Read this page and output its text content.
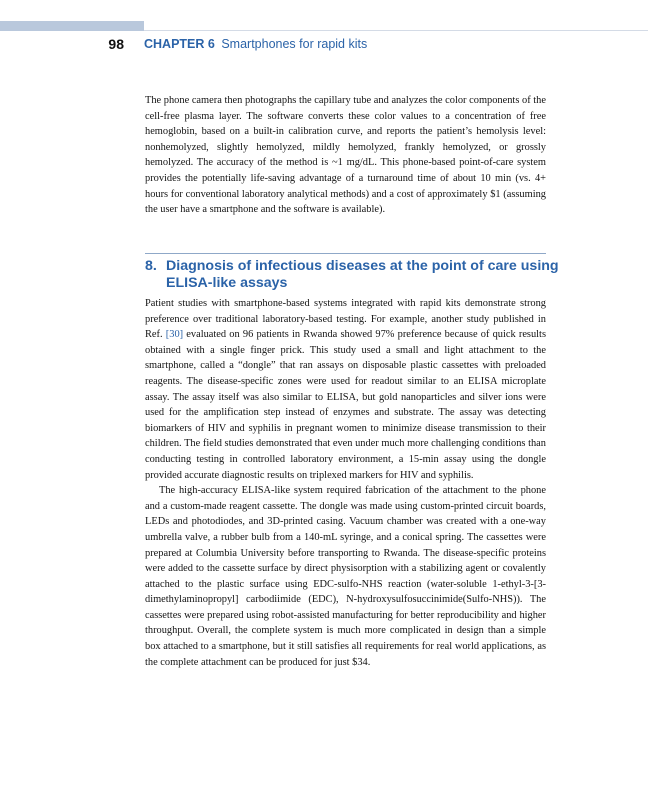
98 CHAPTER 6 Smartphones for rapid kits

The phone camera then photographs the capillary tube and analyzes the color components of the cell-free plasma layer. The software converts these color values to a concentration of free hemoglobin, based on a built-in calibration curve, and reports the patient’s hemolysis level: nonhemolyzed, slightly hemolyzed, mildly hemolyzed, frankly hemolyzed, or grossly hemolyzed. The accuracy of the method is ~1 mg/dL. This phone-based point-of-care system provides the potentially life-saving advantage of a turnaround time of about 10 min (vs. 4+ hours for conventional laboratory analytical methods) and a cost of approximately $1 (assuming the user have a smartphone and the software is available).

8. Diagnosis of infectious diseases at the point of care using ELISA-like assays

Patient studies with smartphone-based systems integrated with rapid kits demonstrate strong preference over traditional laboratory-based testing. For example, another study published in Ref. [30] evaluated on 96 patients in Rwanda showed 97% preference because of quick results obtained with a single finger prick. This study used a small and light attachment to the smartphone, called a “dongle” that ran assays on disposable plastic cassettes with preloaded reagents. The disease-specific zones were used for readout similar to an ELISA microplate assay. The assay itself was also similar to ELISA, but gold nanoparticles and silver ions were used for the amplification step instead of enzymes and substrate. The assay was detecting biomarkers of HIV and syphilis in pregnant women to minimize disease transmission to their children. The field studies demonstrated that even under much more challenging conditions than conducting testing in controlled laboratory environment, a 15-min assay using the dongle provided accurate diagnostic results on triplexed markers for HIV and syphilis.

The high-accuracy ELISA-like system required fabrication of the attachment to the phone and a custom-made reagent cassette. The dongle was made using custom-printed circuit boards, LEDs and photodiodes, and 3D-printed casing. Vacuum chamber was created with a one-way umbrella valve, a rubber bulb from a 140-mL syringe, and a conical spring. The cassettes were prepared at Columbia University before transporting to Rwanda. The disease-specific proteins were added to the cassette surface by direct physisorption with a stabilizing agent or covalently attached to the plastic surface using EDC-sulfo-NHS reaction (water-soluble 1-ethyl-3-[3-dimethylaminopropyl] carbodiimide (EDC), N-hydroxysulfosuccinimide(Sulfo-NHS)). The cassettes were prepared using robot-assisted manufacturing for better reproducibility and higher throughput. Overall, the complete system is much more complicated in design than a simple box attached to a smartphone, but it still satisfies all requirements for real world applications, as the complete attachment can be produced for just $34.
